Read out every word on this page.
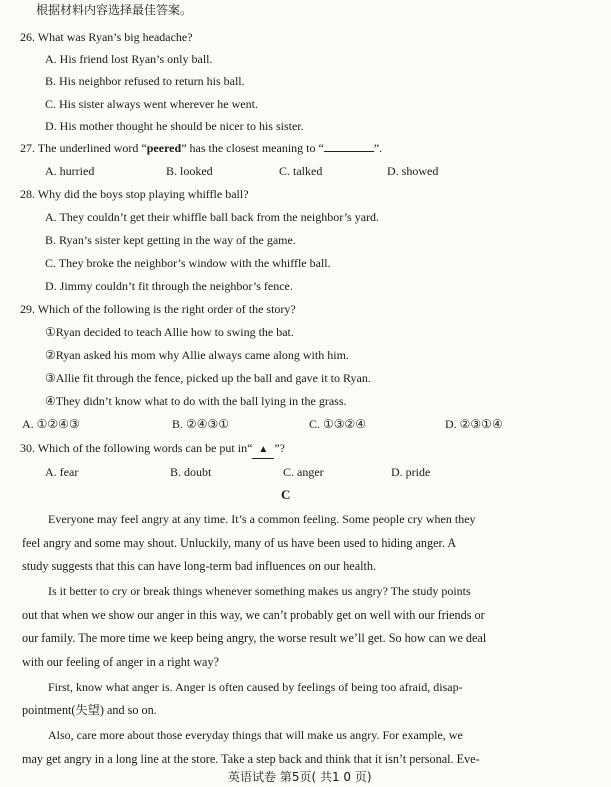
根据材料内容选择最佳答案。
26. What was Ryan’s big headache?
A. His friend lost Ryan’s only ball.
B. His neighbor refused to return his ball.
C. His sister always went wherever he went.
D. His mother thought he should be nicer to his sister.
27. The underlined word “peered” has the closest meaning to “	”.
A. hurried	B. looked	C. talked	D. showed
28. Why did the boys stop playing whiffle ball?
A. They couldn’t get their whiffle ball back from the neighbor’s yard.
B. Ryan’s sister kept getting in the way of the game.
C. They broke the neighbor’s window with the whiffle ball.
D. Jimmy couldn’t fit through the neighbor’s fence.
29. Which of the following is the right order of the story?
①Ryan decided to teach Allie how to swing the bat.
②Ryan asked his mom why Allie always came along with him.
③Allie fit through the fence, picked up the ball and gave it to Ryan.
④They didn’t know what to do with the ball lying in the grass.
A. ①②④③	B. ②④③①	C. ①③②④	D. ②③①④
30. Which of the following words can be put in“ ▲ ”?
A. fear	B. doubt	C. anger	D. pride
C
Everyone may feel angry at any time. It’s a common feeling. Some people cry when they
feel angry and some may shout. Unluckily, many of us have been used to hiding anger. A
study suggests that this can have long-term bad influences on our health.
Is it better to cry or break things whenever something makes us angry? The study points
out that when we show our anger in this way, we can’t probably get on well with our friends or
our family. The more time we keep being angry, the worse result we’ll get. So how can we deal
with our feeling of anger in a right way?
First, know what anger is. Anger is often caused by feelings of being too afraid, disap-
pointment(失望) and so on.
Also, care more about those everyday things that will make us angry. For example, we
may get angry in a long line at the store. Take a step back and think that it isn’t personal. Eve-
英语试卷 第5页( 共1 0 页)
